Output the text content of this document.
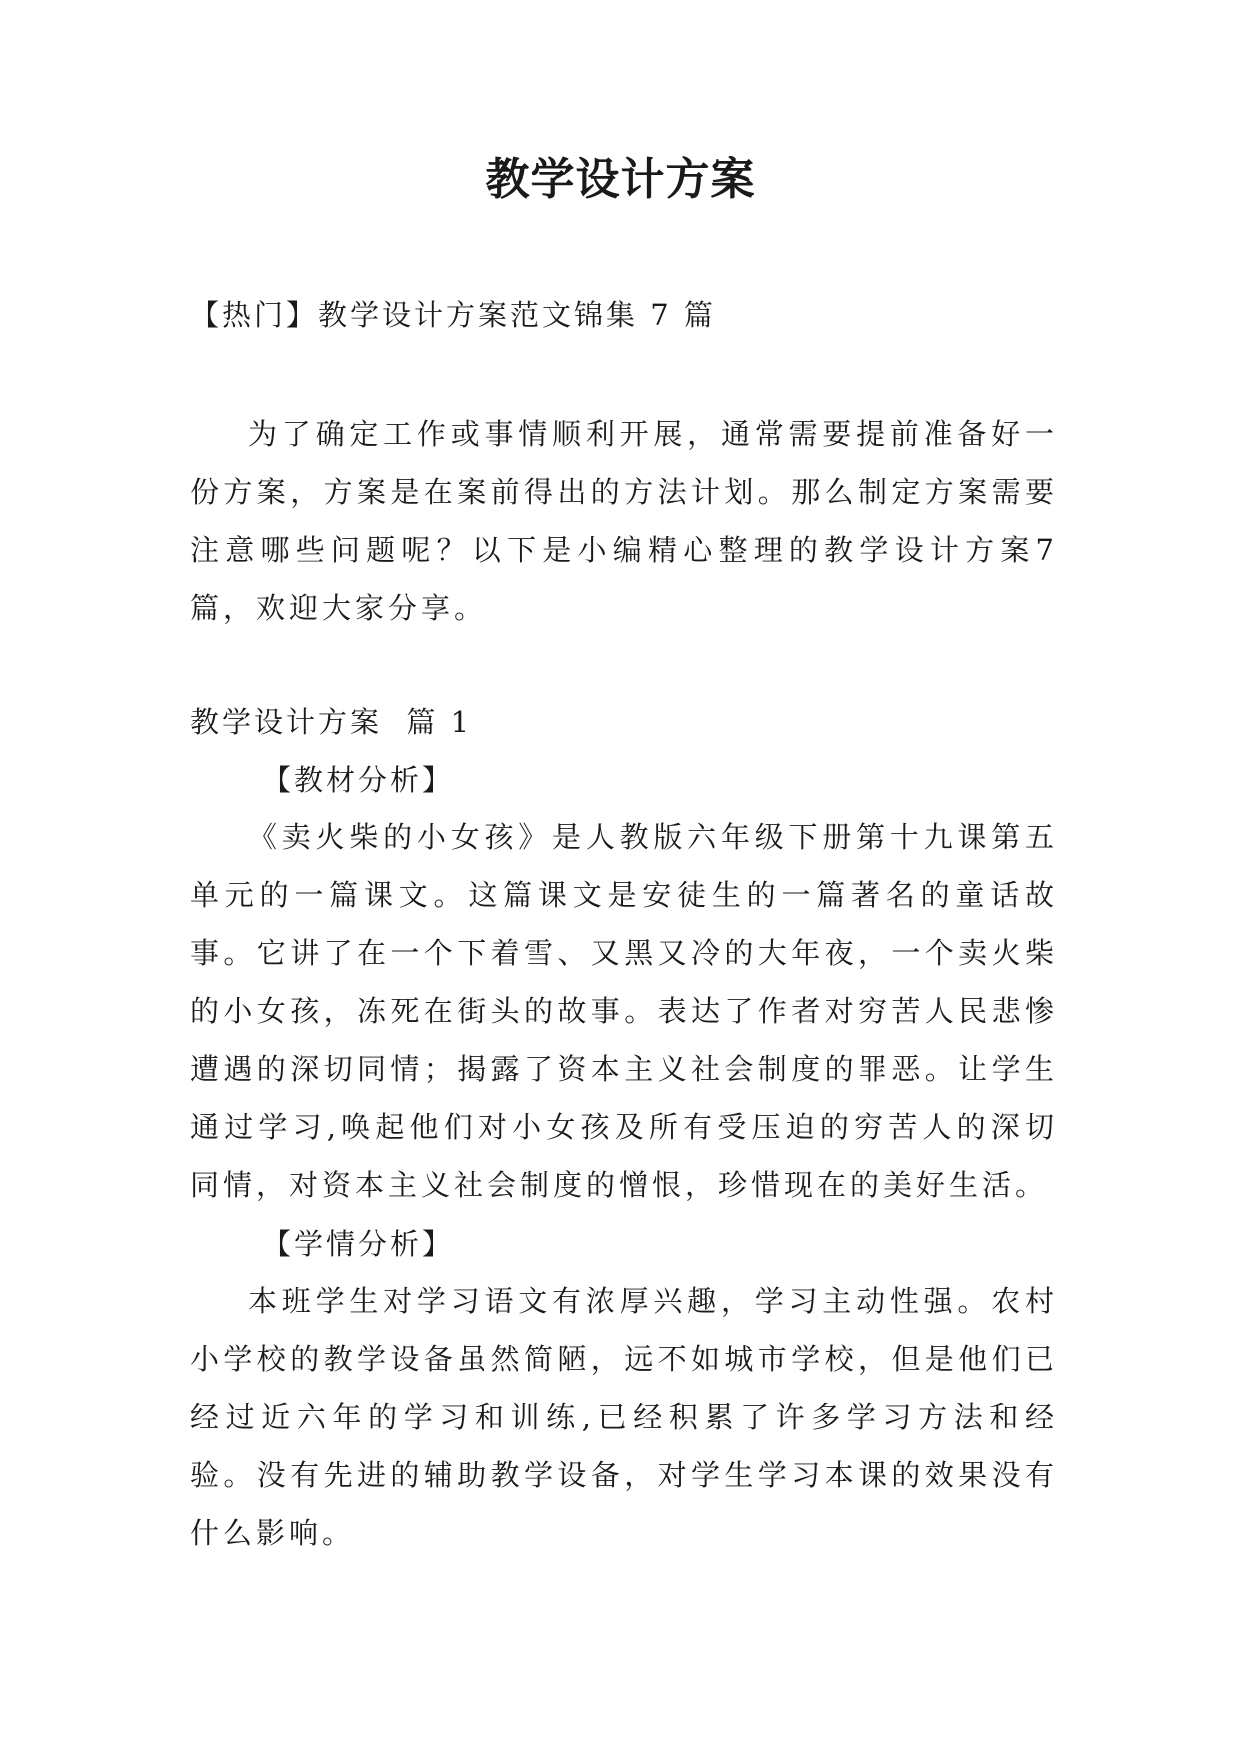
教学设计方案
【热门】教学设计方案范文锦集 7 篇

为了确定工作或事情顺利开展，通常需要提前准备好一份方案，方案是在案前得出的方法计划。那么制定方案需要注意哪些问题呢？以下是小编精心整理的教学设计方案7篇，欢迎大家分享。

教学设计方案  篇 1
【教材分析】

《卖火柴的小女孩》是人教版六年级下册第十九课第五单元的一篇课文。这篇课文是安徒生的一篇著名的童话故事。它讲了在一个下着雪、又黑又冷的大年夜，一个卖火柴的小女孩，冻死在街头的故事。表达了作者对穷苦人民悲惨遭遇的深切同情；揭露了资本主义社会制度的罪恶。让学生通过学习,唤起他们对小女孩及所有受压迫的穷苦人的深切同情，对资本主义社会制度的憎恨，珍惜现在的美好生活。

【学情分析】

本班学生对学习语文有浓厚兴趣，学习主动性强。农村小学校的教学设备虽然简陋，远不如城市学校，但是他们已经过近六年的学习和训练,已经积累了许多学习方法和经验。没有先进的辅助教学设备，对学生学习本课的效果没有什么影响。
